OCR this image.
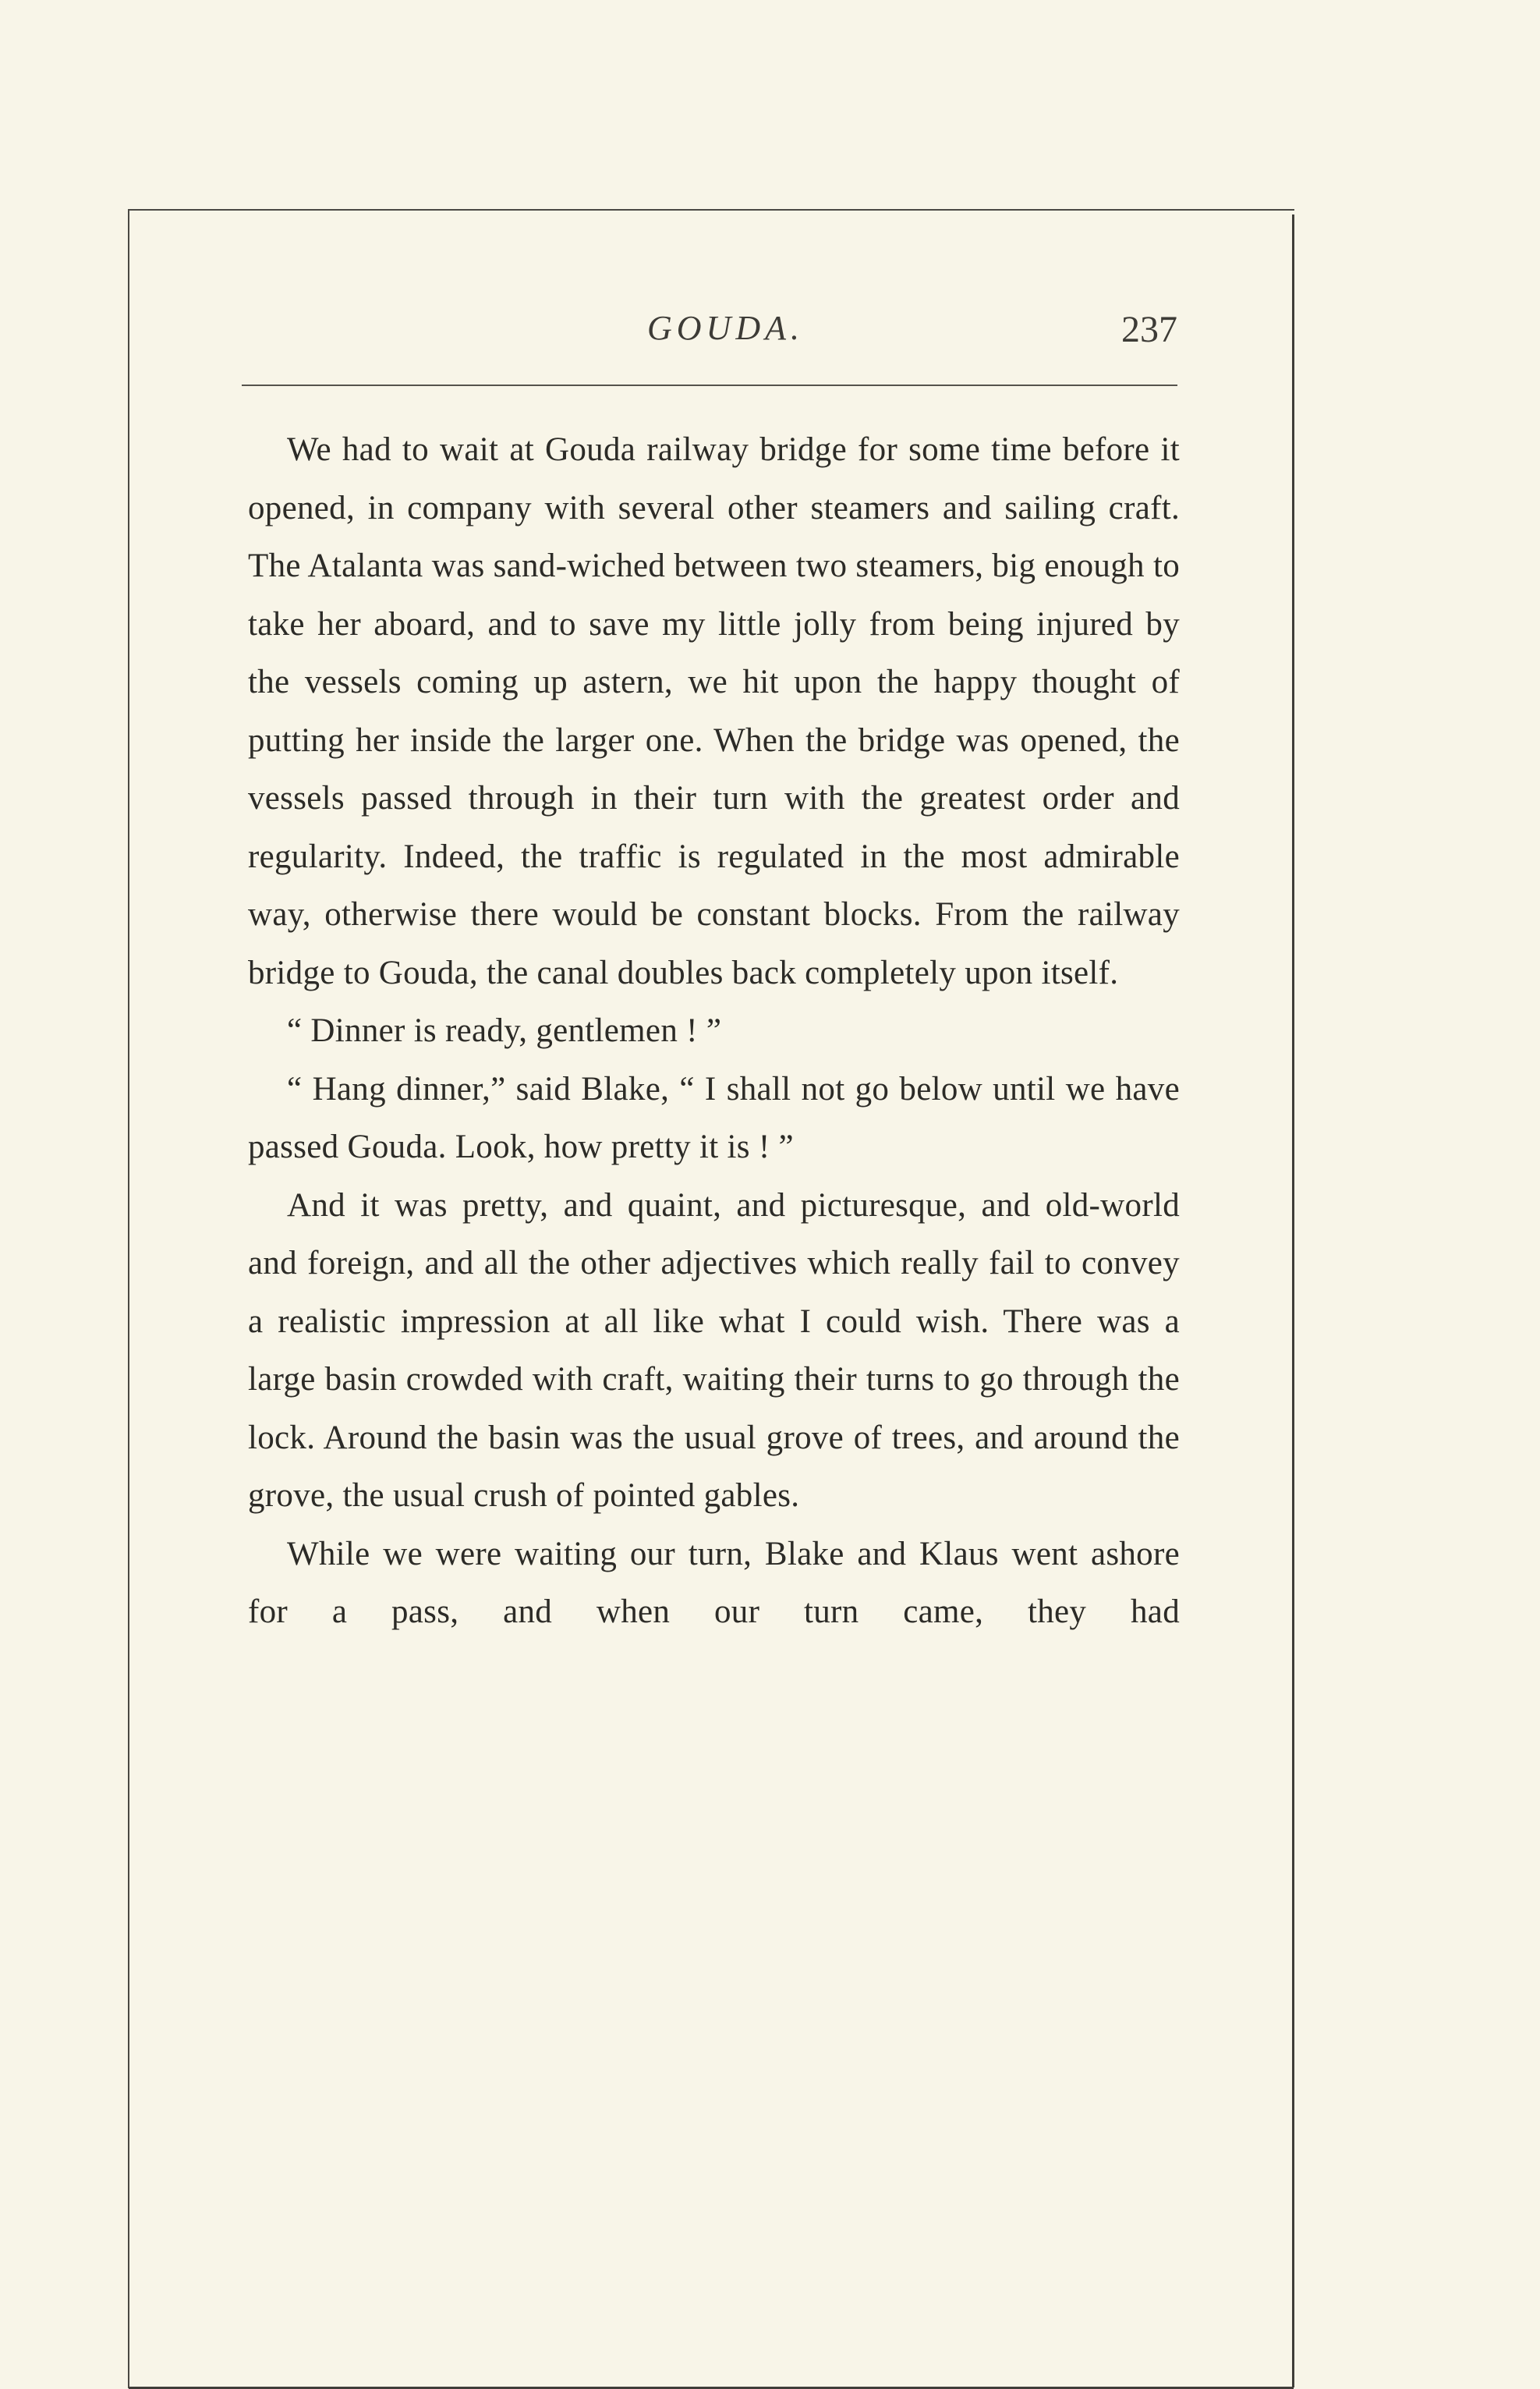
GOUDA.	237

We had to wait at Gouda railway bridge for some time before it opened, in company with several other steamers and sailing craft. The Atalanta was sand-wiched between two steamers, big enough to take her aboard, and to save my little jolly from being injured by the vessels coming up astern, we hit upon the happy thought of putting her inside the larger one. When the bridge was opened, the vessels passed through in their turn with the greatest order and regularity. Indeed, the traffic is regulated in the most admirable way, otherwise there would be constant blocks. From the railway bridge to Gouda, the canal doubles back completely upon itself.

“ Dinner is ready, gentlemen ! ”

“ Hang dinner,” said Blake, “ I shall not go below until we have passed Gouda. Look, how pretty it is ! ”

And it was pretty, and quaint, and picturesque, and old-world and foreign, and all the other adjectives which really fail to convey a realistic impression at all like what I could wish. There was a large basin crowded with craft, waiting their turns to go through the lock. Around the basin was the usual grove of trees, and around the grove, the usual crush of pointed gables.

While we were waiting our turn, Blake and Klaus went ashore for a pass, and when our turn came, they had
